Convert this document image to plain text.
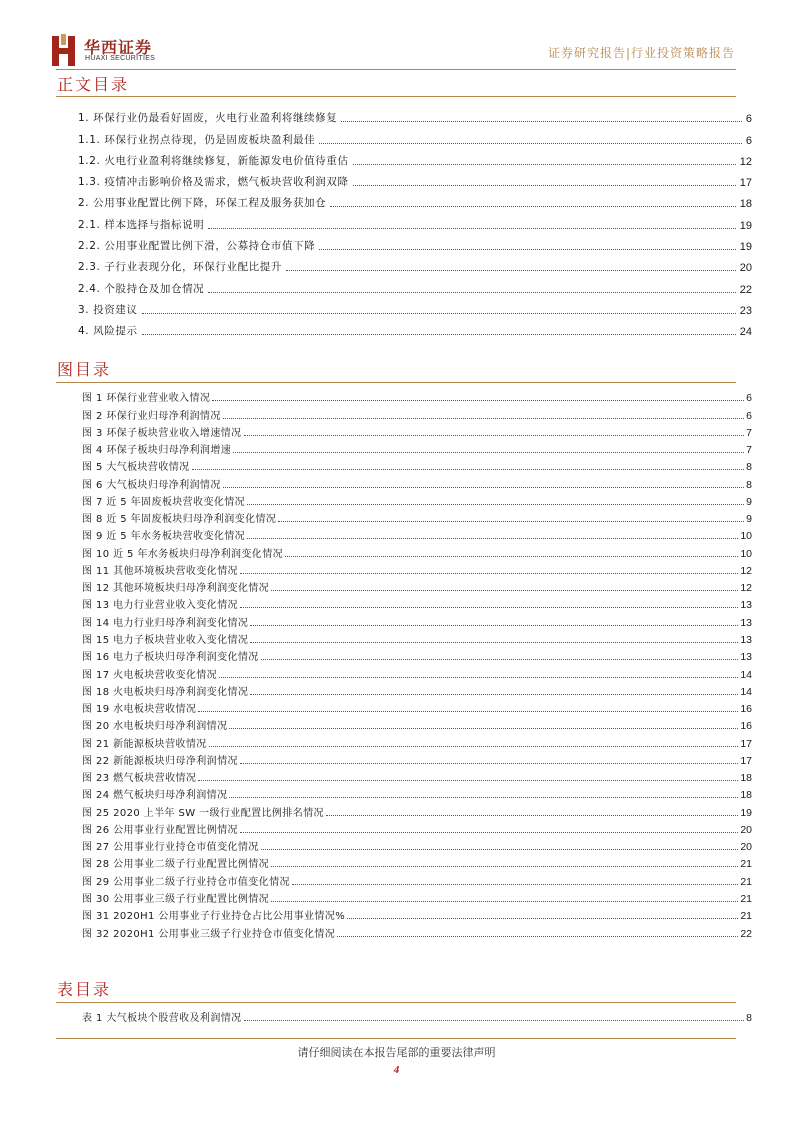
华西证券
HUAXI SECURITIES	证券研究报告|行业投资策略报告
正文目录
1. 环保行业仍最看好固废，火电行业盈利将继续修复	6
1.1. 环保行业拐点待现，仍是固废板块盈利最佳	6
1.2. 火电行业盈利将继续修复，新能源发电价值待重估	12
1.3. 疫情冲击影响价格及需求，燃气板块营收利润双降	17
2. 公用事业配置比例下降，环保工程及服务获加仓	18
2.1. 样本选择与指标说明	19
2.2. 公用事业配置比例下滑，公募持仓市值下降	19
2.3. 子行业表现分化，环保行业配比提升	20
2.4. 个股持仓及加仓情况	22
3. 投资建议	23
4. 风险提示	24
图目录
图 1 环保行业营业收入情况	6
图 2 环保行业归母净利润情况	6
图 3 环保子板块营业收入增速情况	7
图 4 环保子板块归母净利润增速	7
图 5 大气板块营收情况	8
图 6 大气板块归母净利润情况	8
图 7 近 5 年固废板块营收变化情况	9
图 8 近 5 年固废板块归母净利润变化情况	9
图 9 近 5 年水务板块营收变化情况	10
图 10 近 5 年水务板块归母净利润变化情况	10
图 11 其他环境板块营收变化情况	12
图 12 其他环境板块归母净利润变化情况	12
图 13 电力行业营业收入变化情况	13
图 14 电力行业归母净利润变化情况	13
图 15 电力子板块营业收入变化情况	13
图 16 电力子板块归母净利润变化情况	13
图 17 火电板块营收变化情况	14
图 18 火电板块归母净利润变化情况	14
图 19 水电板块营收情况	16
图 20 水电板块归母净利润情况	16
图 21 新能源板块营收情况	17
图 22 新能源板块归母净利润情况	17
图 23 燃气板块营收情况	18
图 24 燃气板块归母净利润情况	18
图 25 2020 上半年 SW 一级行业配置比例排名情况	19
图 26 公用事业行业配置比例情况	20
图 27 公用事业行业持仓市值变化情况	20
图 28 公用事业二级子行业配置比例情况	21
图 29 公用事业二级子行业持仓市值变化情况	21
图 30 公用事业三级子行业配置比例情况	21
图 31 2020H1 公用事业子行业持仓占比公用事业情况%	21
图 32 2020H1 公用事业三级子行业持仓市值变化情况	22
表目录
表 1 大气板块个股营收及利润情况	8
请仔细阅读在本报告尾部的重要法律声明
4
